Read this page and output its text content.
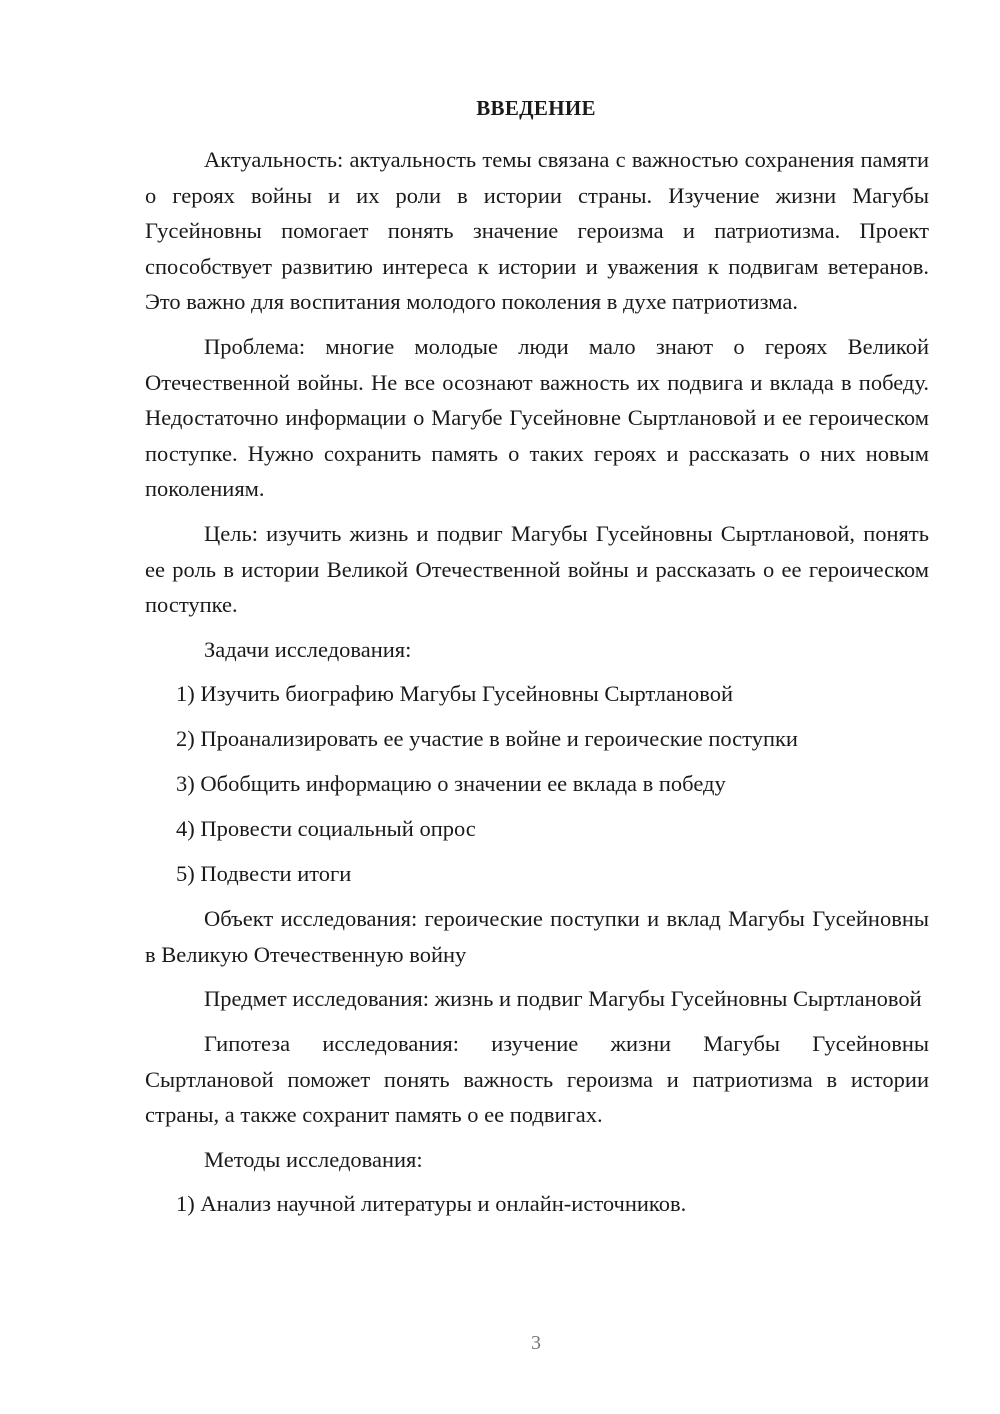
ВВЕДЕНИЕ

Актуальность: актуальность темы связана с важностью сохранения памяти о героях войны и их роли в истории страны. Изучение жизни Магубы Гусейновны помогает понять значение героизма и патриотизма. Проект способствует развитию интереса к истории и уважения к подвигам ветеранов. Это важно для воспитания молодого поколения в духе патриотизма.

Проблема: многие молодые люди мало знают о героях Великой Отечественной войны. Не все осознают важность их подвига и вклада в победу. Недостаточно информации о Магубе Гусейновне Сыртлановой и ее героическом поступке. Нужно сохранить память о таких героях и рассказать о них новым поколениям.

Цель: изучить жизнь и подвиг Магубы Гусейновны Сыртлановой, понять ее роль в истории Великой Отечественной войны и рассказать о ее героическом поступке.

Задачи исследования:

1) Изучить биографию Магубы Гусейновны Сыртлановой
2) Проанализировать ее участие в войне и героические поступки
3) Обобщить информацию о значении ее вклада в победу
4) Провести социальный опрос
5) Подвести итоги

Объект исследования: героические поступки и вклад Магубы Гусейновны в Великую Отечественную войну

Предмет исследования: жизнь и подвиг Магубы Гусейновны Сыртлановой

Гипотеза исследования: изучение жизни Магубы Гусейновны Сыртлановой поможет понять важность героизма и патриотизма в истории страны, а также сохранит память о ее подвигах.

Методы исследования:

1) Анализ научной литературы и онлайн-источников.
3
